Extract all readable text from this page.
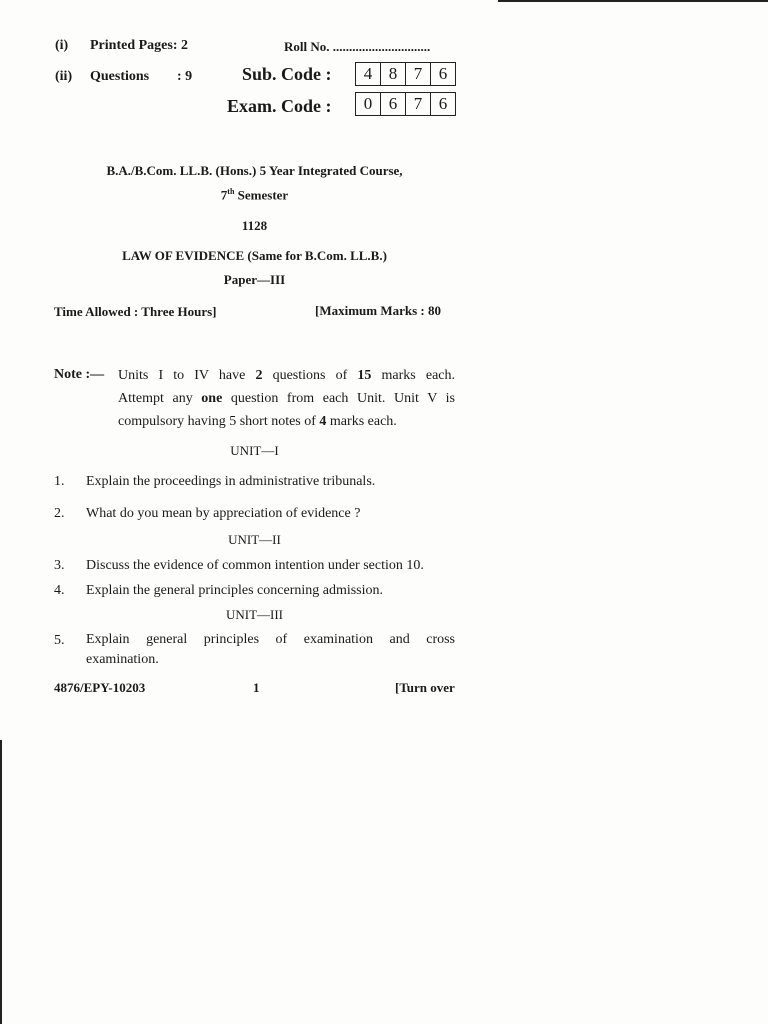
(i) Printed Pages: 2	Roll No. ..............................
(ii) Questions : 9	Sub. Code :	4 8 7 6
Exam. Code :	0 6 7 6
B.A./B.Com. LL.B. (Hons.) 5 Year Integrated Course,
7th Semester
1128
LAW OF EVIDENCE (Same for B.Com. LL.B.)
Paper—III
Time Allowed : Three Hours]	[Maximum Marks : 80
Note :— Units I to IV have 2 questions of 15 marks each.
Attempt any one question from each Unit. Unit V is
compulsory having 5 short notes of 4 marks each.
UNIT—I
1. Explain the proceedings in administrative tribunals.
2. What do you mean by appreciation of evidence ?
UNIT—II
3. Discuss the evidence of common intention under section 10.
4. Explain the general principles concerning admission.
UNIT—III
5. Explain general principles of examination and cross
examination.
4876/EPY-10203	1	[Turn over
